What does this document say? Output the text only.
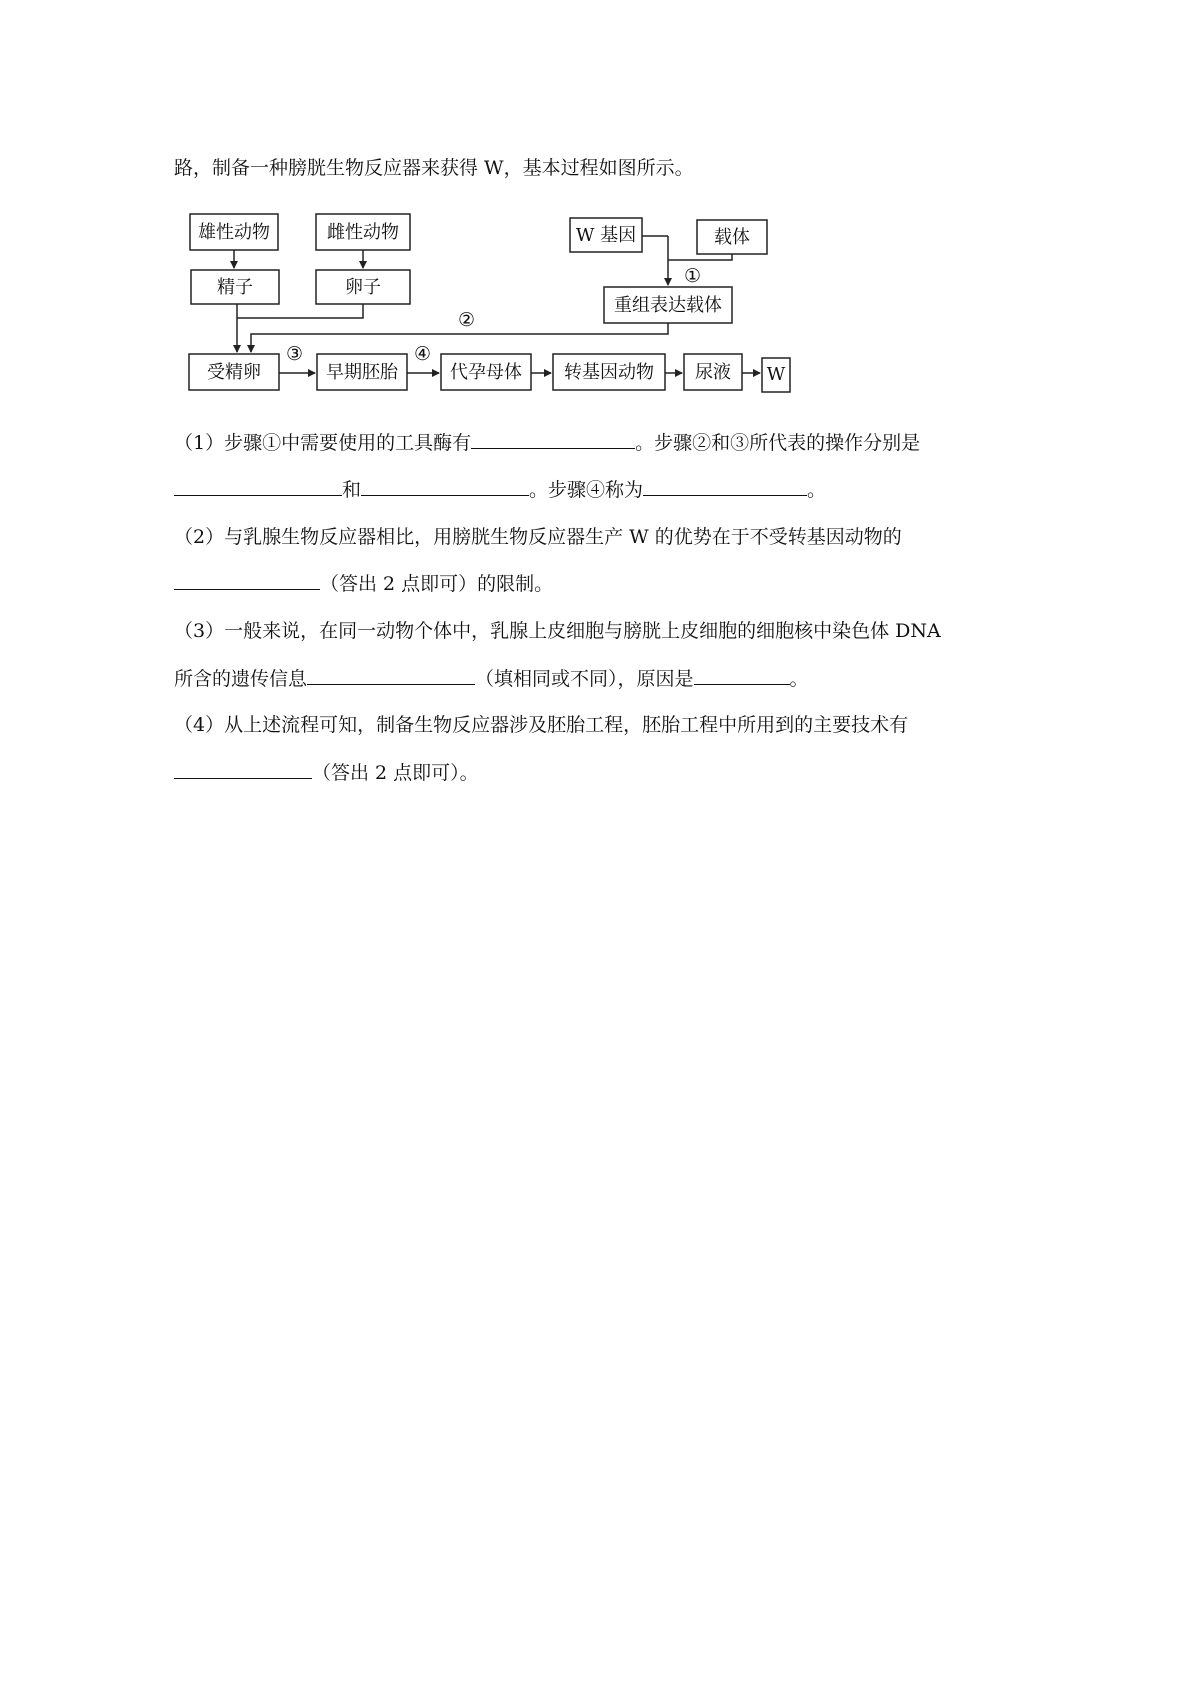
路，制备一种膀胱生物反应器来获得 W，基本过程如图所示。
雄性动物	雌性动物
精子	卵子
W 基因	载体
重组表达载体
受精卵	早期胚胎	代孕母体 转基因动物 尿液 W
①
②
③	④
（1）步骤①中需要使用的工具酶有	。步骤②和③所代表的操作分别是
和	。步骤④称为	。
（2）与乳腺生物反应器相比，用膀胱生物反应器生产 W 的优势在于不受转基因动物的
（答出 2 点即可）的限制。
（3）一般来说，在同一动物个体中，乳腺上皮细胞与膀胱上皮细胞的细胞核中染色体 DNA
所含的遗传信息	（填相同或不同），原因是	。
（4）从上述流程可知，制备生物反应器涉及胚胎工程，胚胎工程中所用到的主要技术有
（答出 2 点即可）。
